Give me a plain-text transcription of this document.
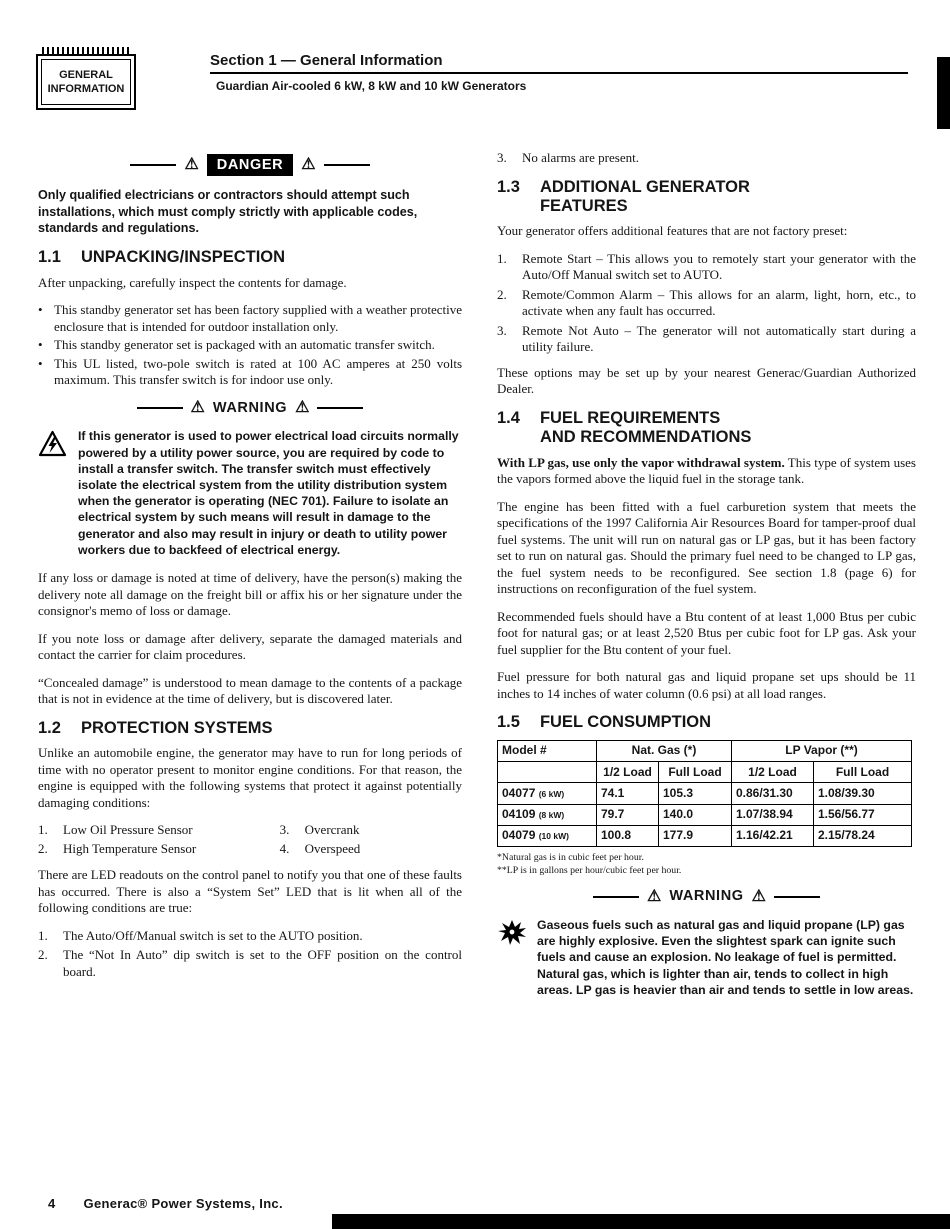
GENERAL
INFORMATION
Section 1 — General Information
Guardian Air-cooled 6 kW, 8 kW and 10 kW Generators
⚠	DANGER	⚠

Only qualified electricians or contractors should attempt such installations, which must comply strictly with applicable codes, standards and regulations.

1.1 UNPACKING/INSPECTION

After unpacking, carefully inspect the contents for damage.

• This standby generator set has been factory supplied with a weather protective enclosure that is intended for outdoor installation only.
• This standby generator set is packaged with an automatic transfer switch.
• This UL listed, two-pole switch is rated at 100 AC amperes at 250 volts maximum. This transfer switch is for indoor use only.
⚠ WARNING ⚠

If this generator is used to power electrical load circuits normally powered by a utility power source, you are required by code to install a transfer switch. The transfer switch must effectively isolate the electrical system from the utility distribution system when the generator is operating (NEC 701). Failure to isolate an electrical system by such means will result in damage to the generator and also may result in injury or death to utility power workers due to backfeed of electrical energy.

If any loss or damage is noted at time of delivery, have the person(s) making the delivery note all damage on the freight bill or affix his or her signature under the consignor's memo of loss or damage.

If you note loss or damage after delivery, separate the damaged materials and contact the carrier for claim procedures.

“Concealed damage” is understood to mean damage to the contents of a package that is not in evidence at the time of delivery, but is discovered later.

1.2 PROTECTION SYSTEMS

Unlike an automobile engine, the generator may have to run for long periods of time with no operator present to monitor engine conditions. For that reason, the engine is equipped with the following systems that protect it against potentially damaging conditions:

1.	Low Oil Pressure Sensor	3.	Overcrank
2.	High Temperature Sensor	4.	Overspeed

There are LED readouts on the control panel to notify you that one of these faults has occurred. There is also a “System Set” LED that is lit when all of the following conditions are true:

1.	The Auto/Off/Manual switch is set to the AUTO position.
2.	The “Not In Auto” dip switch is set to the OFF position on the control board.
3.	No alarms are present.
1.3 ADDITIONAL GENERATOR
FEATURES

Your generator offers additional features that are not factory preset:

1.	Remote Start – This allows you to remotely start your generator with the Auto/Off Manual switch set to AUTO.
2.	Remote/Common Alarm – This allows for an alarm, light, horn, etc., to activate when any fault has occurred.
3.	Remote Not Auto – The generator will not automatically start during a utility failure.

These options may be set up by your nearest Generac/Guardian Authorized Dealer.

1.4 FUEL REQUIREMENTS
AND RECOMMENDATIONS

With LP gas, use only the vapor withdrawal system. This type of system uses the vapors formed above the liquid fuel in the storage tank.

The engine has been fitted with a fuel carburetion system that meets the specifications of the 1997 California Air Resources Board for tamper-proof dual fuel systems. The unit will run on natural gas or LP gas, but it has been factory set to run on natural gas. Should the primary fuel need to be changed to LP gas, the fuel system needs to be reconfigured. See section 1.8 (page 6) for instructions on reconfiguration of the fuel system.

Recommended fuels should have a Btu content of at least 1,000 Btus per cubic foot for natural gas; or at least 2,520 Btus per cubic foot for LP gas. Ask your fuel supplier for the Btu content of your fuel.

Fuel pressure for both natural gas and liquid propane set ups should be 11 inches to 14 inches of water column (0.6 psi) at all load ranges.

1.5 FUEL CONSUMPTION
Model #	Nat. Gas (*)		LP Vapor (**)	
	1/2 Load	Full Load	1/2 Load	Full Load
04077 (6 kW)	74.1	105.3	0.86/31.30	1.08/39.30
04109 (8 kW)	79.7	140.0	1.07/38.94	1.56/56.77
04079 (10 kW)	100.8	177.9	1.16/42.21	2.15/78.24
*Natural gas is in cubic feet per hour.
**LP is in gallons per hour/cubic feet per hour.
⚠ WARNING ⚠

Gaseous fuels such as natural gas and liquid propane (LP) gas are highly explosive. Even the slightest spark can ignite such fuels and cause an explosion. No leakage of fuel is permitted. Natural gas, which is lighter than air, tends to collect in high areas. LP gas is heavier than air and tends to settle in low areas.

4 Generac® Power Systems, Inc.
